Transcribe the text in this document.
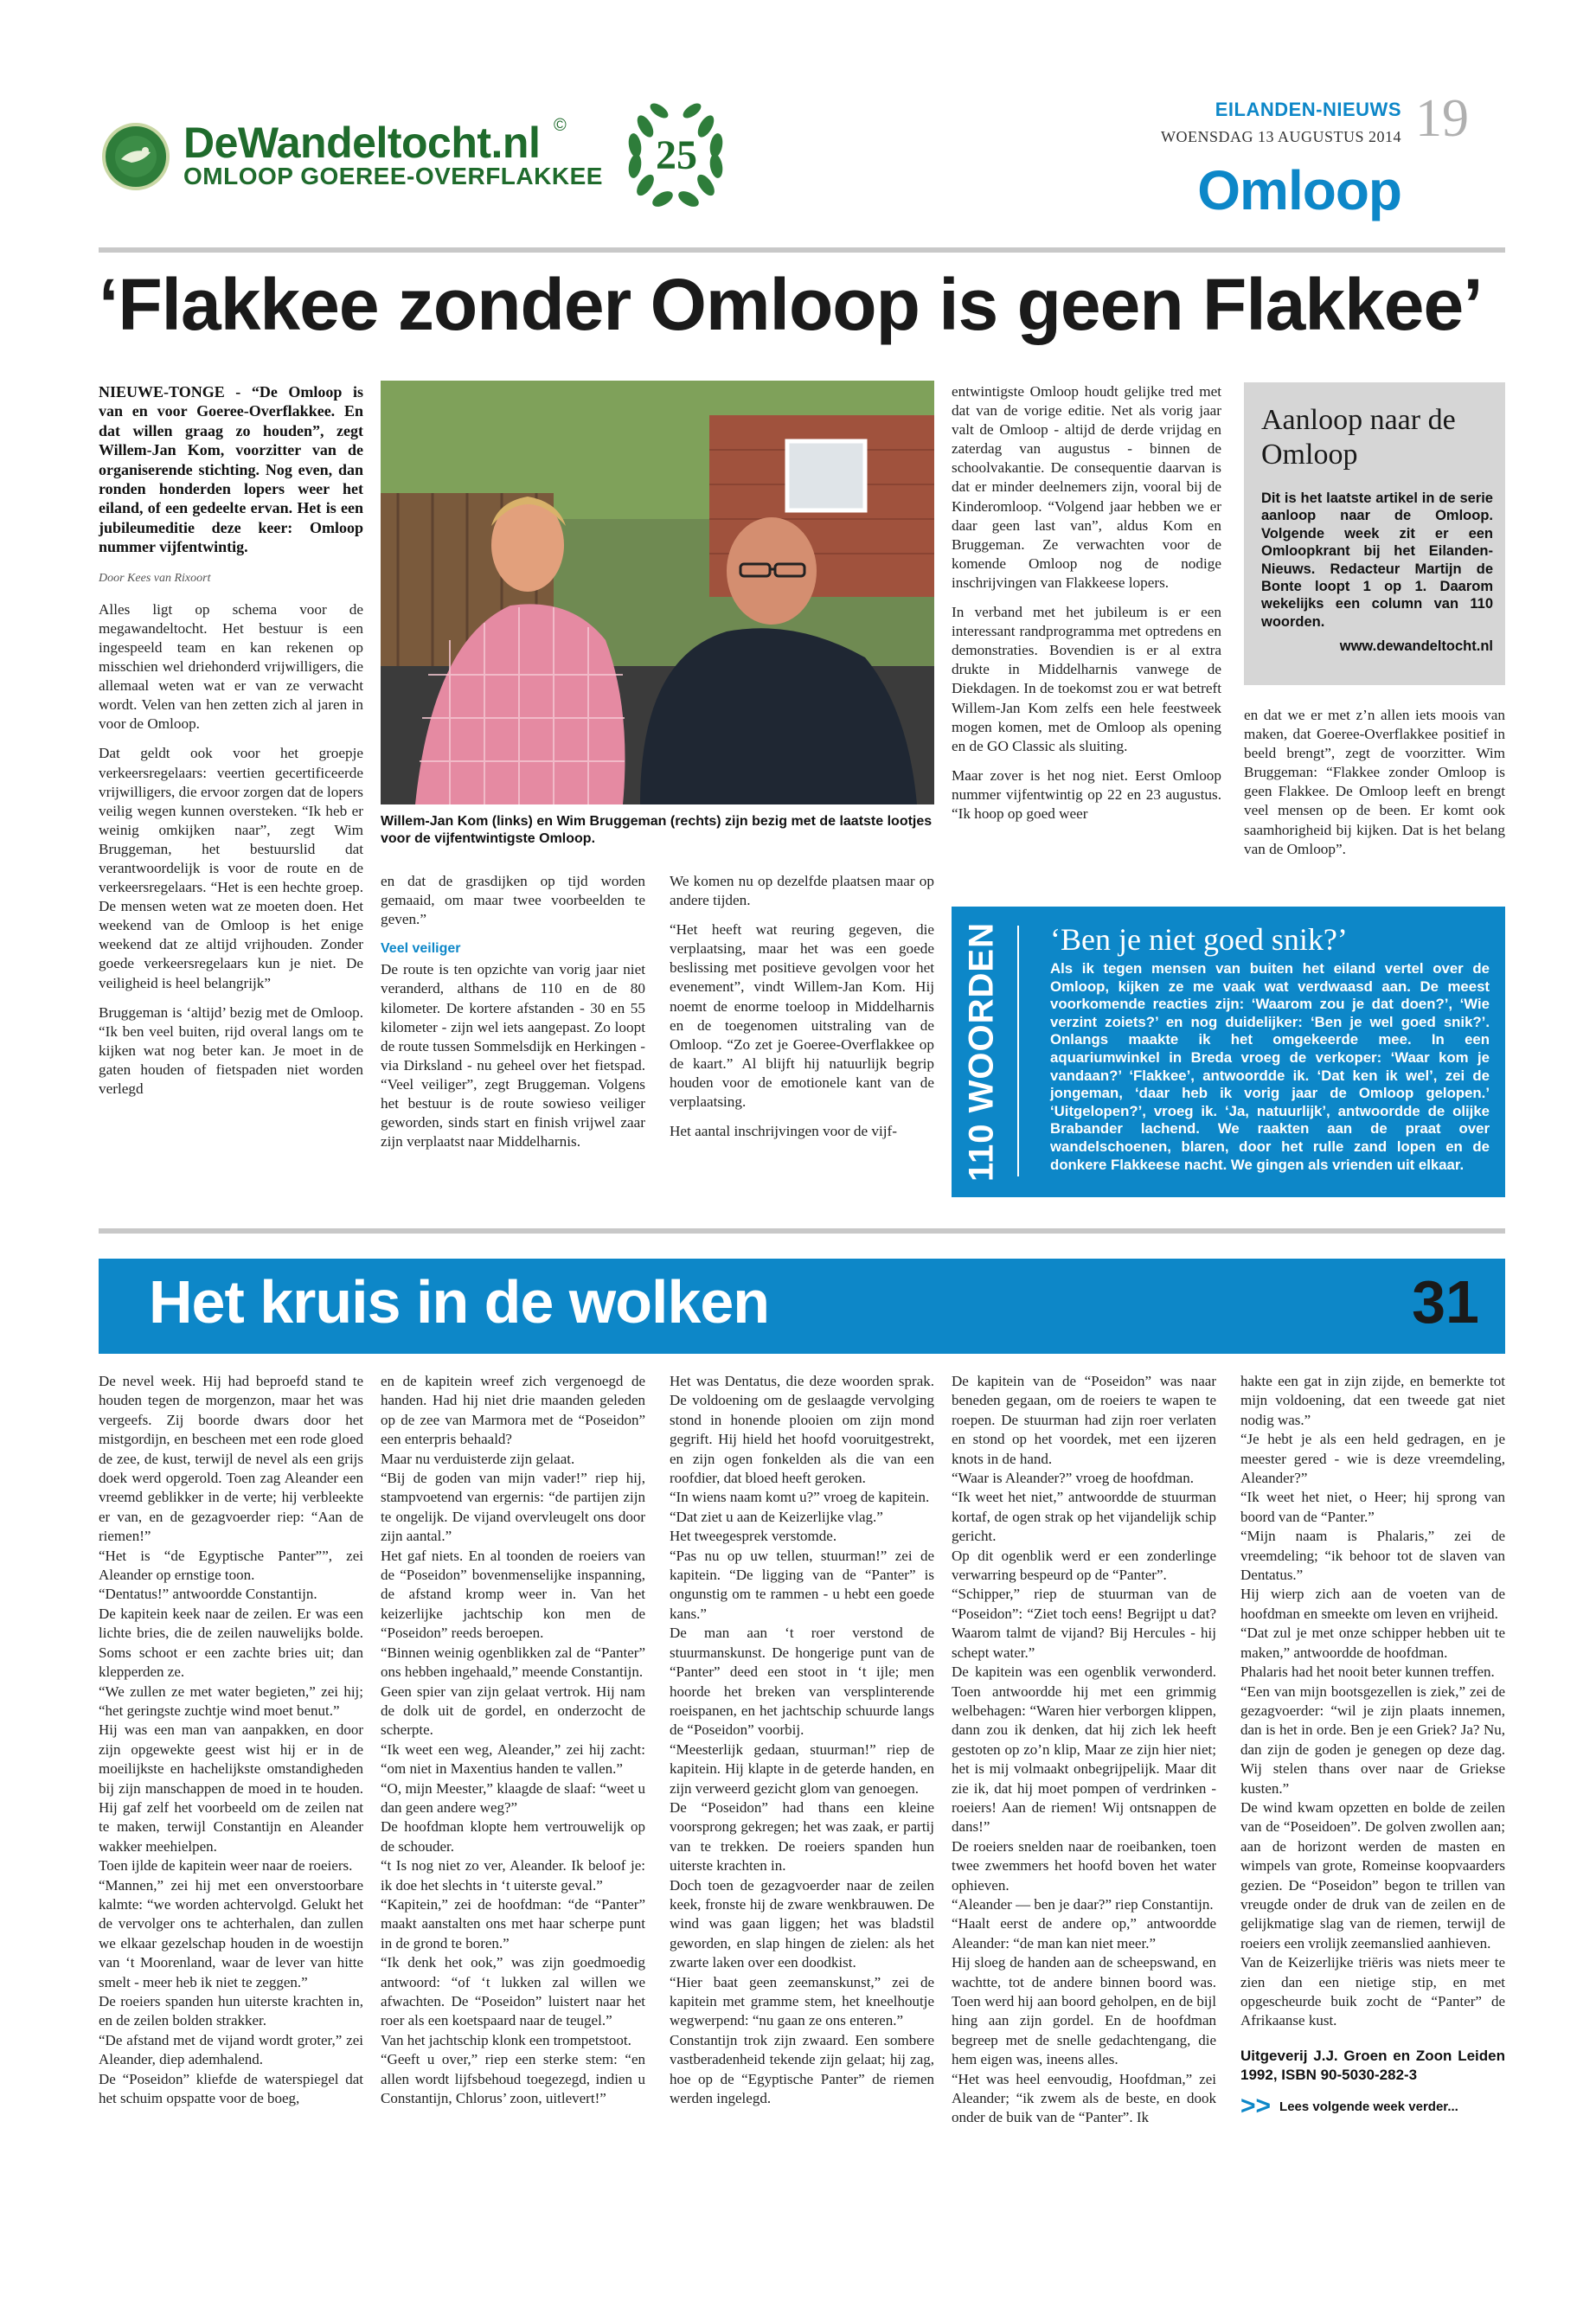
DeWandeltocht.nl ©
OMLOOP GOEREE-OVERFLAKKEE	25
EILANDEN-NIEUWS
WOENSDAG 13 AUGUSTUS 2014 19
Omloop
‘Flakkee zonder Omloop is geen Flakkee’

NIEUWE-TONGE - “De Omloop is van en voor Goeree-Overflakkee. En dat willen graag zo houden”, zegt Willem-Jan Kom, voorzitter van de organiserende stichting. Nog even, dan ronden honderden lopers weer het eiland, of een gedeelte ervan. Het is een jubileumeditie deze keer: Omloop nummer vijfentwintig.

Door Kees van Rixoort

Alles ligt op schema voor de megawandeltocht. Het bestuur is een ingespeeld team en kan rekenen op misschien wel driehonderd vrijwilligers, die allemaal weten wat er van ze verwacht wordt. Velen van hen zetten zich al jaren in voor de Omloop.

Dat geldt ook voor het groepje verkeersregelaars: veertien gecertificeerde vrijwilligers, die ervoor zorgen dat de lopers veilig wegen kunnen oversteken. “Ik heb er weinig omkijken naar”, zegt Wim Bruggeman, het bestuurslid dat verantwoordelijk is voor de route en de verkeersregelaars. “Het is een hechte groep. De mensen weten wat ze moeten doen. Het weekend van de Omloop is het enige weekend dat ze altijd vrijhouden. Zonder goede verkeersregelaars kun je niet. De veiligheid is heel belangrijk”

Bruggeman is ‘altijd’ bezig met de Omloop. “Ik ben veel buiten, rijd overal langs om te kijken wat nog beter kan. Je moet in de gaten houden of fietspaden niet worden verlegd

Willem-Jan Kom (links) en Wim Bruggeman (rechts) zijn bezig met de laatste lootjes voor de vijfentwintigste Omloop.

en dat de grasdijken op tijd worden gemaaid, om maar twee voorbeelden te geven.”

Veel veiliger

De route is ten opzichte van vorig jaar niet veranderd, althans de 110 en de 80 kilometer. De kortere afstanden - 30 en 55 kilometer - zijn wel iets aangepast. Zo loopt de route tussen Sommelsdijk en Herkingen - via Dirksland - nu geheel over het fietspad. “Veel veiliger”, zegt Bruggeman. Volgens het bestuur is de route sowieso veiliger geworden, sinds start en finish vrijwel zaar zijn verplaatst naar Middelharnis.

We komen nu op dezelfde plaatsen maar op andere tijden.

“Het heeft wat reuring gegeven, die verplaatsing, maar het was een goede beslissing met positieve gevolgen voor het evenement”, vindt Willem-Jan Kom. Hij noemt de enorme toeloop in Middelharnis en de toegenomen uitstraling van de Omloop. “Zo zet je Goeree-Overflakkee op de kaart.” Al blijft hij natuurlijk begrip houden voor de emotionele kant van de verplaatsing.

Het aantal inschrijvingen voor de vijf-

entwintigste Omloop houdt gelijke tred met dat van de vorige editie. Net als vorig jaar valt de Omloop - altijd de derde vrijdag en zaterdag van augustus - binnen de schoolvakantie. De consequentie daarvan is dat er minder deelnemers zijn, vooral bij de Kinderomloop. “Volgend jaar hebben we er daar geen last van”, aldus Kom en Bruggeman. Ze verwachten voor de komende Omloop nog de nodige inschrijvingen van Flakkeese lopers.

In verband met het jubileum is er een interessant randprogramma met optredens en demonstraties. Bovendien is er al extra drukte in Middelharnis vanwege de Diekdagen. In de toekomst zou er wat betreft Willem-Jan Kom zelfs een hele feestweek mogen komen, met de Omloop als opening en de GO Classic als sluiting.

Maar zover is het nog niet. Eerst Omloop nummer vijfentwintig op 22 en 23 augustus. “Ik hoop op goed weer

Aanloop naar de Omloop
Dit is het laatste artikel in de serie aanloop naar de Omloop. Volgende week zit er een Omloopkrant bij het Eilanden-Nieuws. Redacteur Martijn de Bonte loopt 1 op 1. Daarom wekelijks een column van 110 woorden.
www.dewandeltocht.nl

en dat we er met z’n allen iets moois van maken, dat Goeree-Overflakkee positief in beeld brengt”, zegt de voorzitter. Wim Bruggeman: “Flakkee zonder Omloop is geen Flakkee. De Omloop leeft en brengt veel mensen op de been. Er komt ook saamhorigheid bij kijken. Dat is het belang van de Omloop”.

110 WOORDEN ‘Ben je niet goed snik?’
Als ik tegen mensen van buiten het eiland vertel over de Omloop, kijken ze me vaak wat verdwaasd aan. De meest voorkomende reacties zijn: ‘Waarom zou je dat doen?’, ‘Wie verzint zoiets?’ en nog duidelijker: ‘Ben je wel goed snik?’. Onlangs maakte ik het omgekeerde mee. In een aquariumwinkel in Breda vroeg de verkoper: ‘Waar kom je vandaan?’ ‘Flakkee’, antwoordde ik. ‘Dat ken ik wel’, zei de jongeman, ‘daar heb ik vorig jaar de Omloop gelopen.’ ‘Uitgelopen?’, vroeg ik. ‘Ja, natuurlijk’, antwoordde de olijke Brabander lachend. We raakten aan de praat over wandelschoenen, blaren, door het rulle zand lopen en de donkere Flakkeese nacht. We gingen als vrienden uit elkaar.
Het kruis in de wolken	31

De nevel week. Hij had beproefd stand te houden tegen de morgenzon, maar het was vergeefs. Zij boorde dwars door het mistgordijn, en bescheen met een rode gloed de zee, de kust, terwijl de nevel als een grijs doek werd opgerold. Toen zag Aleander een vreemd geblikker in de verte; hij verbleekte er van, en de gezagvoerder riep: “Aan de riemen!”

“Het is “de Egyptische Panter””, zei Aleander op ernstige toon.

“Dentatus!” antwoordde Constantijn.

De kapitein keek naar de zeilen. Er was een lichte bries, die de zeilen nauwelijks bolde. Soms schoot er een zachte bries uit; dan klepperden ze.

“We zullen ze met water begieten,” zei hij; “het geringste zuchtje wind moet benut.”

Hij was een man van aanpakken, en door zijn opgewekte geest wist hij er in de moeilijkste en hachelijkste omstandigheden bij zijn manschappen de moed in te houden. Hij gaf zelf het voorbeeld om de zeilen nat te maken, terwijl Constantijn en Aleander wakker meehielpen.

Toen ijlde de kapitein weer naar de roeiers.

“Mannen,” zei hij met een onverstoorbare kalmte: “we worden achtervolgd. Gelukt het de vervolger ons te achterhalen, dan zullen we elkaar gezelschap houden in de woestijn van ‘t Moorenland, waar de lever van hitte smelt - meer heb ik niet te zeggen.”

De roeiers spanden hun uiterste krachten in, en de zeilen bolden strakker.

“De afstand met de vijand wordt groter,” zei Aleander, diep ademhalend.

De “Poseidon” kliefde de waterspiegel dat het schuim opspatte voor de boeg,

en de kapitein wreef zich vergenoegd de handen. Had hij niet drie maanden geleden op de zee van Marmora met de “Poseidon” een enterpris behaald?

Maar nu verduisterde zijn gelaat.

“Bij de goden van mijn vader!” riep hij, stampvoetend van ergernis: “de partijen zijn te ongelijk. De vijand overvleugelt ons door zijn aantal.”

Het gaf niets. En al toonden de roeiers van de “Poseidon” bovenmenselijke inspanning, de afstand kromp weer in. Van het keizerlijke jachtschip kon men de “Poseidon” reeds beroepen.

“Binnen weinig ogenblikken zal de “Panter” ons hebben ingehaald,” meende Constantijn.

Geen spier van zijn gelaat vertrok. Hij nam de dolk uit de gordel, en onderzocht de scherpte.

“Ik weet een weg, Aleander,” zei hij zacht: “om niet in Maxentius handen te vallen.”

“O, mijn Meester,” klaagde de slaaf: “weet u dan geen andere weg?”

De hoofdman klopte hem vertrouwelijk op de schouder.

“t Is nog niet zo ver, Aleander. Ik beloof je: ik doe het slechts in ‘t uiterste geval.”

“Kapitein,” zei de hoofdman: “de “Panter” maakt aanstalten ons met haar scherpe punt in de grond te boren.”

“Ik denk het ook,” was zijn goedmoedig antwoord: “of ‘t lukken zal willen we afwachten. De “Poseidon” luistert naar het roer als een koetspaard naar de teugel.”

Van het jachtschip klonk een trompetstoot.

“Geeft u over,” riep een sterke stem: “en allen wordt lijfsbehoud toegezegd, indien u Constantijn, Chlorus’ zoon, uitlevert!”

Het was Dentatus, die deze woorden sprak. De voldoening om de geslaagde vervolging stond in honende plooien om zijn mond gegrift. Hij hield het hoofd vooruitgestrekt, en zijn ogen fonkelden als die van een roofdier, dat bloed heeft geroken.

“In wiens naam komt u?” vroeg de kapitein.

“Dat ziet u aan de Keizerlijke vlag.”

Het tweegesprek verstomde.

“Pas nu op uw tellen, stuurman!” zei de kapitein. “De ligging van de “Panter” is ongunstig om te rammen - u hebt een goede kans.”

De man aan ‘t roer verstond de stuurmanskunst. De hongerige punt van de “Panter” deed een stoot in ‘t ijle; men hoorde het breken van versplinterende roeispanen, en het jachtschip schuurde langs de “Poseidon” voorbij.

“Meesterlijk gedaan, stuurman!” riep de kapitein. Hij klapte in de geterde handen, en zijn verweerd gezicht glom van genoegen.

De “Poseidon” had thans een kleine voorsprong gekregen; het was zaak, er partij van te trekken. De roeiers spanden hun uiterste krachten in.

Doch toen de gezagvoerder naar de zeilen keek, fronste hij de zware wenkbrauwen. De wind was gaan liggen; het was bladstil geworden, en slap hingen de zielen: als het zwarte laken over een doodkist.

“Hier baat geen zeemanskunst,” zei de kapitein met gramme stem, het kneelhoutje wegwerpend: “nu gaan ze ons enteren.”

Constantijn trok zijn zwaard. Een sombere vastberadenheid tekende zijn gelaat; hij zag, hoe op de “Egyptische Panter” de riemen werden ingelegd.

De kapitein van de “Poseidon” was naar beneden gegaan, om de roeiers te wapen te roepen. De stuurman had zijn roer verlaten en stond op het voordek, met een ijzeren knots in de hand.

“Waar is Aleander?” vroeg de hoofdman.

“Ik weet het niet,” antwoordde de stuurman kortaf, de ogen strak op het vijandelijk schip gericht.

Op dit ogenblik werd er een zonderlinge verwarring bespeurd op de “Panter”.

“Schipper,” riep de stuurman van de “Poseidon”: “Ziet toch eens! Begrijpt u dat? Waarom talmt de vijand? Bij Hercules - hij schept water.”

De kapitein was een ogenblik verwonderd. Toen antwoordde hij met een grimmig welbehagen: “Waren hier verborgen klippen, dann zou ik denken, dat hij zich lek heeft gestoten op zo’n klip, Maar ze zijn hier niet; het is mij volmaakt onbegrijpelijk. Maar dit zie ik, dat hij moet pompen of verdrinken - roeiers! Aan de riemen! Wij ontsnappen de dans!”

De roeiers snelden naar de roeibanken, toen twee zwemmers het hoofd boven het water ophieven.

“Aleander — ben je daar?” riep Constantijn.

“Haalt eerst de andere op,” antwoordde Aleander: “de man kan niet meer.”

Hij sloeg de handen aan de scheepswand, en wachtte, tot de andere binnen boord was. Toen werd hij aan boord geholpen, en de bijl hing aan zijn gordel. En de hoofdman begreep met de snelle gedachtengang, die hem eigen was, ineens alles.

“Het was heel eenvoudig, Hoofdman,” zei Aleander; “ik zwem als de beste, en dook onder de buik van de “Panter”. Ik

hakte een gat in zijn zijde, en bemerkte tot mijn voldoening, dat een tweede gat niet nodig was.”

“Je hebt je als een held gedragen, en je meester gered - wie is deze vreemdeling, Aleander?”

“Ik weet het niet, o Heer; hij sprong van boord van de “Panter.”

“Mijn naam is Phalaris,” zei de vreemdeling; “ik behoor tot de slaven van Dentatus.”

Hij wierp zich aan de voeten van de hoofdman en smeekte om leven en vrijheid.

“Dat zul je met onze schipper hebben uit te maken,” antwoordde de hoofdman.

Phalaris had het nooit beter kunnen treffen.

“Een van mijn bootsgezellen is ziek,” zei de gezagvoerder: “wil je zijn plaats innemen, dan is het in orde. Ben je een Griek? Ja? Nu, dan zijn de goden je genegen op deze dag. Wij stelen thans over naar de Griekse kusten.”

De wind kwam opzetten en bolde de zeilen van de “Poseidoen”. De golven zwollen aan; aan de horizont werden de masten en wimpels van grote, Romeinse koopvaarders gezien. De “Poseidon” begon te trillen van vreugde onder de druk van de zeilen en de gelijkmatige slag van de riemen, terwijl de roeiers een vrolijk zeemanslied aanhieven.

Van de Keizerlijke triëris was niets meer te zien dan een nietige stip, en met opgescheurde buik zocht de “Panter” de Afrikaanse kust.

Uitgeverij J.J. Groen en Zoon Leiden 1992, ISBN 90-5030-282-3

>> Lees volgende week verder...
